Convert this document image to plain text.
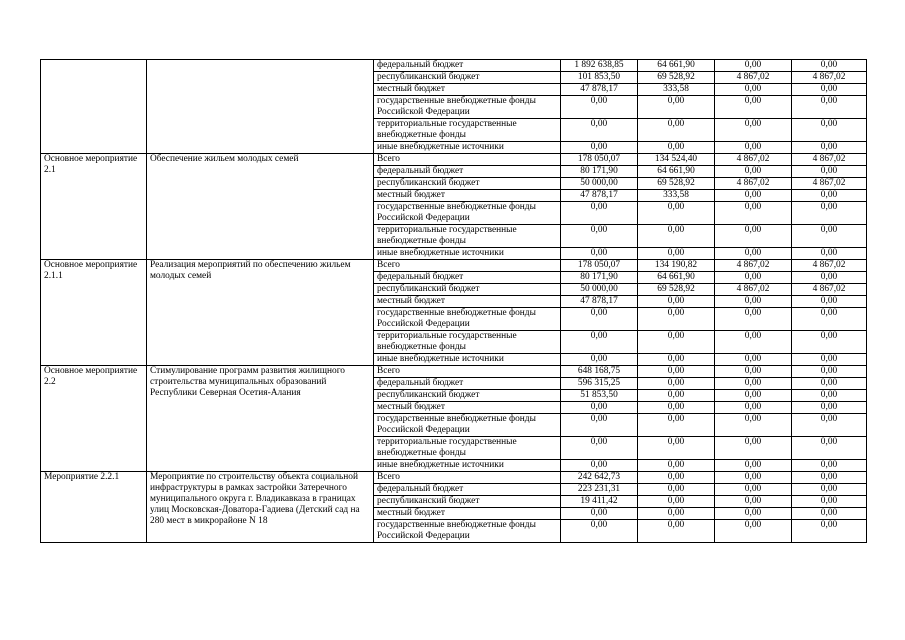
		федеральный бюджет	1 892 638,85	64 661,90	0,00	0,00
		республиканский бюджет	101 853,50	69 528,92	4 867,02	4 867,02
		местный бюджет	47 878,17	333,58	0,00	0,00
		государственные внебюджетные фонды Российской Федерации	0,00	0,00	0,00	0,00
		территориальные государственные внебюджетные фонды	0,00	0,00	0,00	0,00
		иные внебюджетные источники	0,00	0,00	0,00	0,00
Основное мероприятие 2.1	Обеспечение жильем молодых семей	Всего	178 050,07	134 524,40	4 867,02	4 867,02
		федеральный бюджет	80 171,90	64 661,90	0,00	0,00
		республиканский бюджет	50 000,00	69 528,92	4 867,02	4 867,02
		местный бюджет	47 878,17	333,58	0,00	0,00
		государственные внебюджетные фонды Российской Федерации	0,00	0,00	0,00	0,00
		территориальные государственные внебюджетные фонды	0,00	0,00	0,00	0,00
		иные внебюджетные источники	0,00	0,00	0,00	0,00
Основное мероприятие 2.1.1	Реализация мероприятий по обеспечению жильем молодых семей	Всего	178 050,07	134 190,82	4 867,02	4 867,02
		федеральный бюджет	80 171,90	64 661,90	0,00	0,00
		республиканский бюджет	50 000,00	69 528,92	4 867,02	4 867,02
		местный бюджет	47 878,17	0,00	0,00	0,00
		государственные внебюджетные фонды Российской Федерации	0,00	0,00	0,00	0,00
		территориальные государственные внебюджетные фонды	0,00	0,00	0,00	0,00
		иные внебюджетные источники	0,00	0,00	0,00	0,00
Основное мероприятие 2.2	Стимулирование программ развития жилищного строительства муниципальных образований Республики Северная Осетия-Алания	Всего	648 168,75	0,00	0,00	0,00
		федеральный бюджет	596 315,25	0,00	0,00	0,00
		республиканский бюджет	51 853,50	0,00	0,00	0,00
		местный бюджет	0,00	0,00	0,00	0,00
		государственные внебюджетные фонды Российской Федерации	0,00	0,00	0,00	0,00
		территориальные государственные внебюджетные фонды	0,00	0,00	0,00	0,00
		иные внебюджетные источники	0,00	0,00	0,00	0,00
Мероприятие 2.2.1	Мероприятие по строительству объекта социальной инфраструктуры в рамках застройки Затеречного муниципального округа г. Владикавказа в границах улиц Московская-Доватора-Гадиева (Детский сад на 280 мест в микрорайоне N 18	Всего	242 642,73	0,00	0,00	0,00
		федеральный бюджет	223 231,31	0,00	0,00	0,00
		республиканский бюджет	19 411,42	0,00	0,00	0,00
		местный бюджет	0,00	0,00	0,00	0,00
		государственные внебюджетные фонды Российской Федерации	0,00	0,00	0,00	0,00
